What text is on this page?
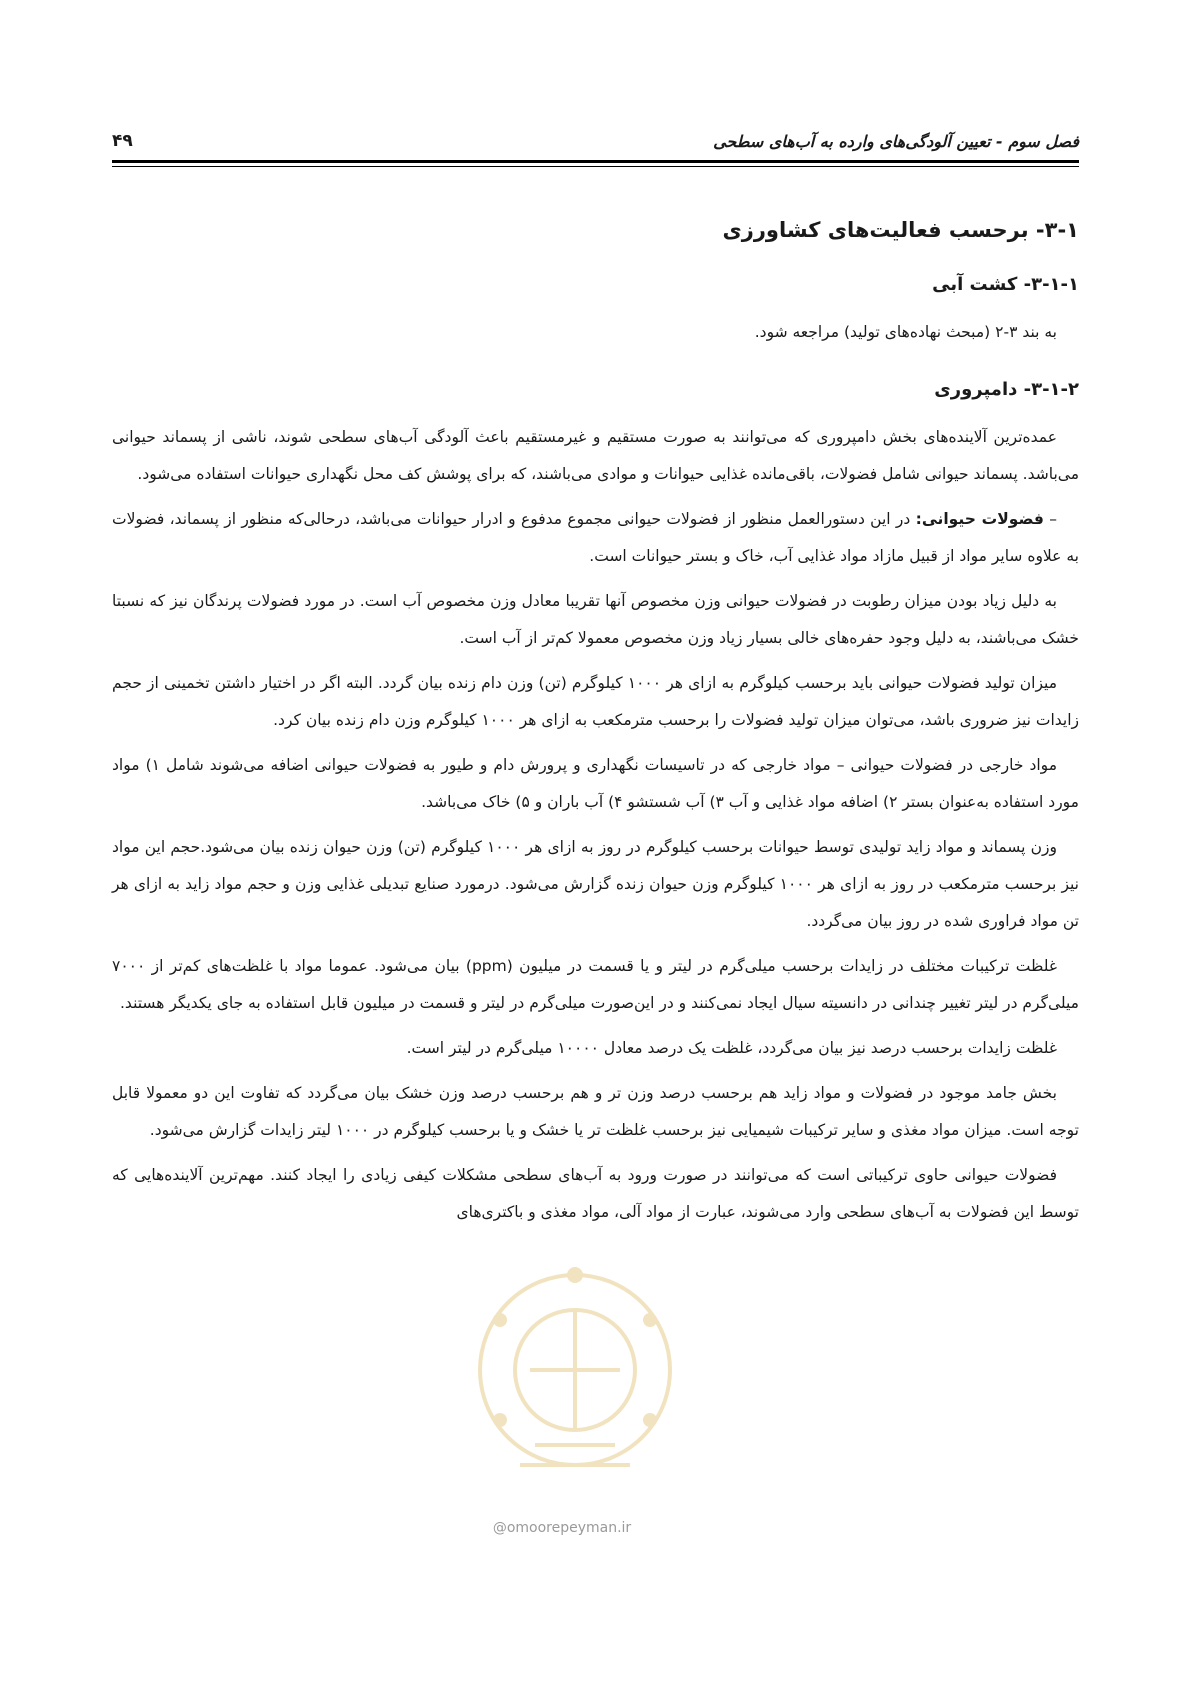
فصل سوم - تعیین آلودگی‌های وارده به آب‌های سطحی
۴۹
۳-۱- برحسب فعالیت‌های کشاورزی
۳-۱-۱- کشت آبی

به بند ۳-۲ (مبحث نهاده‌های تولید) مراجعه شود.

۳-۱-۲- دامپروری

عمده‌ترین آلاینده‌های بخش دامپروری که می‌توانند به صورت مستقیم و غیرمستقیم باعث آلودگی آب‌های سطحی شوند، ناشی از پسماند حیوانی می‌باشد. پسماند حیوانی شامل فضولات، باقی‌مانده غذایی حیوانات و موادی می‌باشند، که برای پوشش کف محل نگهداری حیوانات استفاده می‌شود.

– فضولات حیوانی: در این دستورالعمل منظور از فضولات حیوانی مجموع مدفوع و ادرار حیوانات می‌باشد، درحالی‌که منظور از پسماند، فضولات به علاوه سایر مواد از قبیل مازاد مواد غذایی آب، خاک و بستر حیوانات است.

به دلیل زیاد بودن میزان رطوبت در فضولات حیوانی وزن مخصوص آنها تقریبا معادل وزن مخصوص آب است. در مورد فضولات پرندگان نیز که نسبتا خشک می‌باشند، به دلیل وجود حفره‌های خالی بسیار زیاد وزن مخصوص معمولا کم‌تر از آب است.

میزان تولید فضولات حیوانی باید برحسب کیلوگرم به ازای هر ۱۰۰۰ کیلوگرم (تن) وزن دام زنده بیان گردد. البته اگر در اختیار داشتن تخمینی از حجم زایدات نیز ضروری باشد، می‌توان میزان تولید فضولات را برحسب مترمکعب به ازای هر ۱۰۰۰ کیلوگرم وزن دام زنده بیان کرد.

مواد خارجی در فضولات حیوانی – مواد خارجی که در تاسیسات نگهداری و پرورش دام و طیور به فضولات حیوانی اضافه می‌شوند شامل ۱) مواد مورد استفاده به‌عنوان بستر ۲) اضافه مواد غذایی و آب ۳) آب شستشو ۴) آب باران و ۵) خاک می‌باشد.

وزن پسماند و مواد زاید تولیدی توسط حیوانات برحسب کیلوگرم در روز به ازای هر ۱۰۰۰ کیلوگرم (تن) وزن حیوان زنده بیان می‌شود.حجم این مواد نیز برحسب مترمکعب در روز به ازای هر ۱۰۰۰ کیلوگرم وزن حیوان زنده گزارش می‌شود. درمورد صنایع تبدیلی غذایی وزن و حجم مواد زاید به ازای هر تن مواد فراوری شده در روز بیان می‌گردد.

غلظت ترکیبات مختلف در زایدات برحسب میلی‌گرم در لیتر و یا قسمت در میلیون (ppm) بیان می‌شود. عموما مواد با غلظت‌های کم‌تر از ۷۰۰۰ میلی‌گرم در لیتر تغییر چندانی در دانسیته سیال ایجاد نمی‌کنند و در این‌صورت میلی‌گرم در لیتر و قسمت در میلیون قابل استفاده به جای یکدیگر هستند.

غلظت زایدات برحسب درصد نیز بیان می‌گردد، غلظت یک درصد معادل ۱۰۰۰۰ میلی‌گرم در لیتر است.

بخش جامد موجود در فضولات و مواد زاید هم برحسب درصد وزن تر و هم برحسب درصد وزن خشک بیان می‌گردد که تفاوت این دو معمولا قابل توجه است. میزان مواد مغذی و سایر ترکیبات شیمیایی نیز برحسب غلظت تر یا خشک و یا برحسب کیلوگرم در ۱۰۰۰ لیتر زایدات گزارش می‌شود.

فضولات حیوانی حاوی ترکیباتی است که می‌توانند در صورت ورود به آب‌های سطحی مشکلات کیفی زیادی را ایجاد کنند. مهم‌ترین آلاینده‌هایی که توسط این فضولات به آب‌های سطحی وارد می‌شوند، عبارت از مواد آلی، مواد مغذی و باکتری‌های

@omoorepeyman.ir
